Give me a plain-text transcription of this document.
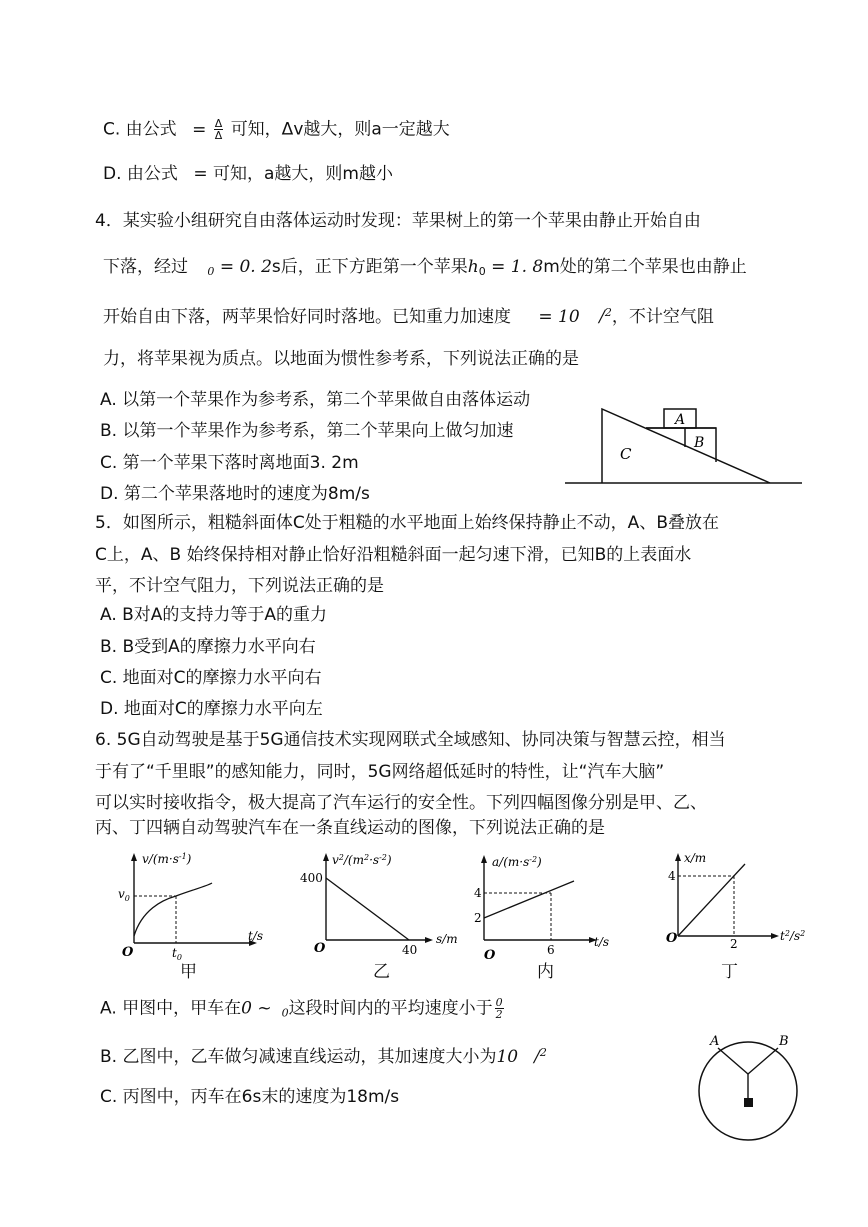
C. 由公式 = $\frac{\Delta}{\Delta}$ 可知，Δv越大，则a一定越大
D. 由公式 = 可知，a越大，则m越小
4．某实验小组研究自由落体运动时发现：苹果树上的第一个苹果由静止开始自由
下落，经过 $_0$ = 0. 2s后，正下方距第一个苹果$h_0 = 1$. 8m处的第二个苹果也由静止
开始自由下落，两苹果恰好同时落地。已知重力加速度 = 10 /$^2$，不计空气阻
力，将苹果视为质点。以地面为惯性参考系，下列说法正确的是
A. 以第一个苹果作为参考系，第二个苹果做自由落体运动
B. 以第一个苹果作为参考系，第二个苹果向上做匀加速
C. 第一个苹果下落时离地面3. 2m
D. 第二个苹果落地时的速度为8m/s
A
B
C
5．如图所示，粗糙斜面体C处于粗糙的水平地面上始终保持静止不动，A、B叠放在
C上，A、B 始终保持相对静止恰好沿粗糙斜面一起匀速下滑，已知B的上表面水
平，不计空气阻力，下列说法正确的是
A. B对A的支持力等于A的重力
B. B受到A的摩擦力水平向右
C. 地面对C的摩擦力水平向右
D. 地面对C的摩擦力水平向左
6. 5G自动驾驶是基于5G通信技术实现网联式全域感知、协同决策与智慧云控，相当
于有了“千里眼”的感知能力，同时，5G网络超低延时的特性，让“汽车大脑”
可以实时接收指令，极大提高了汽车运行的安全性。下列四幅图像分别是甲、乙、
丙、丁四辆自动驾驶汽车在一条直线运动的图像，下列说法正确的是
$v/(m\cdot s^{-1})$
$v_0$
O	$t_0$
t/s
甲
$v^2/(m^2\cdot s^{-2})$
400
O	40
s/m
乙
$a/(m\cdot s^{-2})$
4
2
O	6
t/s
内
x/m
4
O	2
$t^2/s^2$
丁
A. 甲图中，甲车在0 ~ $_0$这段时间内的平均速度小于 $\frac{0}{2}$
B. 乙图中，乙车做匀减速直线运动，其加速度大小为10 /$^2$
C. 丙图中，丙车在6s末的速度为18m/s
A	B
